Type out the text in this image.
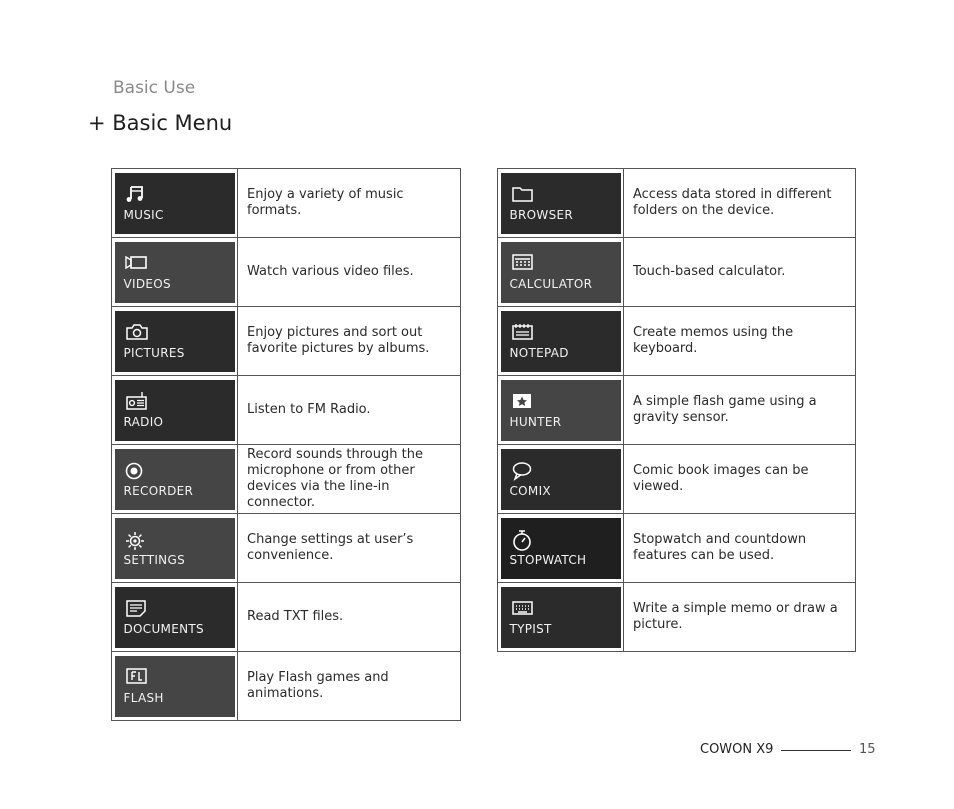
Basic Use
+ Basic Menu
MUSIC
Enjoy a variety of music formats.
VIDEOS
Watch various video files.
PICTURES
Enjoy pictures and sort out favorite pictures by albums.
RADIO
Listen to FM Radio.
RECORDER
Record sounds through the microphone or from other devices via the line-in connector.
SETTINGS
Change settings at user’s convenience.
DOCUMENTS
Read TXT files.
FLASH
Play Flash games and animations.
BROWSER
Access data stored in different folders on the device.
CALCULATOR
Touch-based calculator.
NOTEPAD
Create memos using the keyboard.
HUNTER
A simple flash game using a gravity sensor.
COMIX
Comic book images can be viewed.
STOPWATCH
Stopwatch and countdown features can be used.
TYPIST
Write a simple memo or draw a picture.
COWON X9	15
